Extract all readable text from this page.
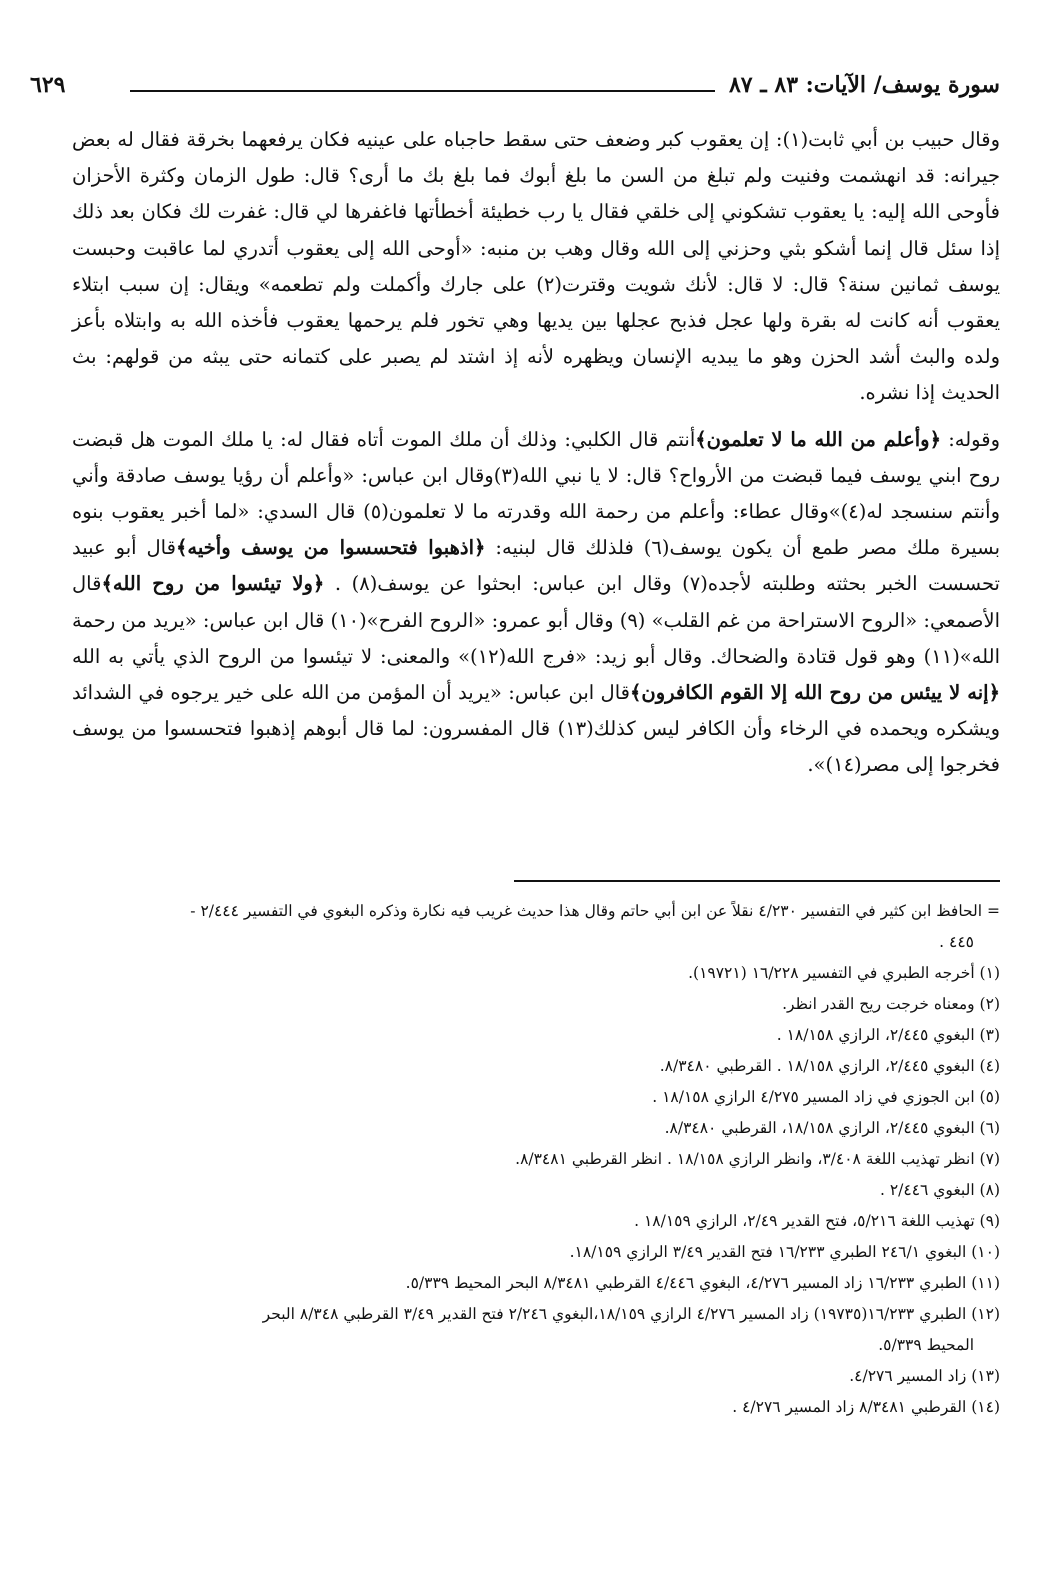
سورة يوسف/ الآيات: ٨٣ ـ ٨٧
٦٢٩

وقال حبيب بن أبي ثابت(١): إن يعقوب كبر وضعف حتى سقط حاجباه على عينيه فكان يرفعهما بخرقة فقال له بعض جيرانه: قد انهشمت وفنيت ولم تبلغ من السن ما بلغ أبوك فما بلغ بك ما أرى؟ قال: طول الزمان وكثرة الأحزان فأوحى الله إليه: يا يعقوب تشكوني إلى خلقي فقال يا رب خطيئة أخطأتها فاغفرها لي قال: غفرت لك فكان بعد ذلك إذا سئل قال إنما أشكو بثي وحزني إلى الله وقال وهب بن منبه: «أوحى الله إلى يعقوب أتدري لما عاقبت وحبست يوسف ثمانين سنة؟ قال: لا قال: لأنك شويت وقترت(٢) على جارك وأكملت ولم تطعمه» ويقال: إن سبب ابتلاء يعقوب أنه كانت له بقرة ولها عجل فذبح عجلها بين يديها وهي تخور فلم يرحمها يعقوب فأخذه الله به وابتلاه بأعز ولده والبث أشد الحزن وهو ما يبديه الإنسان ويظهره لأنه إذ اشتد لم يصبر على كتمانه حتى يبثه من قولهم: بث الحديث إذا نشره.

وقوله: ﴿وأعلم من الله ما لا تعلمون﴾أنتم قال الكلبي: وذلك أن ملك الموت أتاه فقال له: يا ملك الموت هل قبضت روح ابني يوسف فيما قبضت من الأرواح؟ قال: لا يا نبي الله(٣)وقال ابن عباس: «وأعلم أن رؤيا يوسف صادقة وأني وأنتم سنسجد له(٤)»وقال عطاء: وأعلم من رحمة الله وقدرته ما لا تعلمون(٥) قال السدي: «لما أخبر يعقوب بنوه بسيرة ملك مصر طمع أن يكون يوسف(٦) فلذلك قال لبنيه: ﴿اذهبوا فتحسسوا من يوسف وأخيه﴾قال أبو عبيد تحسست الخبر بحثته وطلبته لأجده(٧) وقال ابن عباس: ابحثوا عن يوسف(٨) . ﴿ولا تيئسوا من روح الله﴾قال الأصمعي: «الروح الاستراحة من غم القلب» (٩) وقال أبو عمرو: «الروح الفرح»(١٠) قال ابن عباس: «يريد من رحمة الله»(١١) وهو قول قتادة والضحاك. وقال أبو زيد: «فرج الله(١٢)» والمعنى: لا تيئسوا من الروح الذي يأتي به الله ﴿إنه لا ييئس من روح الله إلا القوم الكافرون﴾قال ابن عباس: «يريد أن المؤمن من الله على خير يرجوه في الشدائد ويشكره ويحمده في الرخاء وأن الكافر ليس كذلك(١٣) قال المفسرون: لما قال أبوهم إذهبوا فتحسسوا من يوسف فخرجوا إلى مصر(١٤)».

= الحافظ ابن كثير في التفسير ٤/٢٣٠ نقلاً عن ابن أبي حاتم وقال هذا حديث غريب فيه نكارة وذكره البغوي في التفسير ٢/٤٤٤ -
٤٤٥ .
(١) أخرجه الطبري في التفسير ١٦/٢٢٨ (١٩٧٢١).
(٢) ومعناه خرجت ريح القدر انظر.
(٣) البغوي ٢/٤٤٥، الرازي ١٨/١٥٨ .
(٤) البغوي ٢/٤٤٥، الرازي ١٨/١٥٨ . القرطبي ٨/٣٤٨٠.
(٥) ابن الجوزي في زاد المسير ٤/٢٧٥ الرازي ١٨/١٥٨ .
(٦) البغوي ٢/٤٤٥، الرازي ١٨/١٥٨، القرطبي ٨/٣٤٨٠.
(٧) انظر تهذيب اللغة ٣/٤٠٨، وانظر الرازي ١٨/١٥٨ . انظر القرطبي ٨/٣٤٨١.
(٨) البغوي ٢/٤٤٦ .
(٩) تهذيب اللغة ٥/٢١٦، فتح القدير ٢/٤٩، الرازي ١٨/١٥٩ .
(١٠) البغوي ٢٤٦/١ الطبري ١٦/٢٣٣ فتح القدير ٣/٤٩ الرازي ١٨/١٥٩.
(١١) الطبري ١٦/٢٣٣ زاد المسير ٤/٢٧٦، البغوي ٤/٤٤٦ القرطبي ٨/٣٤٨١ البحر المحيط ٥/٣٣٩.
(١٢) الطبري ١٦/٢٣٣(١٩٧٣٥) زاد المسير ٤/٢٧٦ الرازي ١٨/١٥٩،البغوي ٢/٢٤٦ فتح القدير ٣/٤٩ القرطبي ٨/٣٤٨ البحر
المحيط ٥/٣٣٩.
(١٣) زاد المسير ٤/٢٧٦.
(١٤) القرطبي ٨/٣٤٨١ زاد المسير ٤/٢٧٦ .
